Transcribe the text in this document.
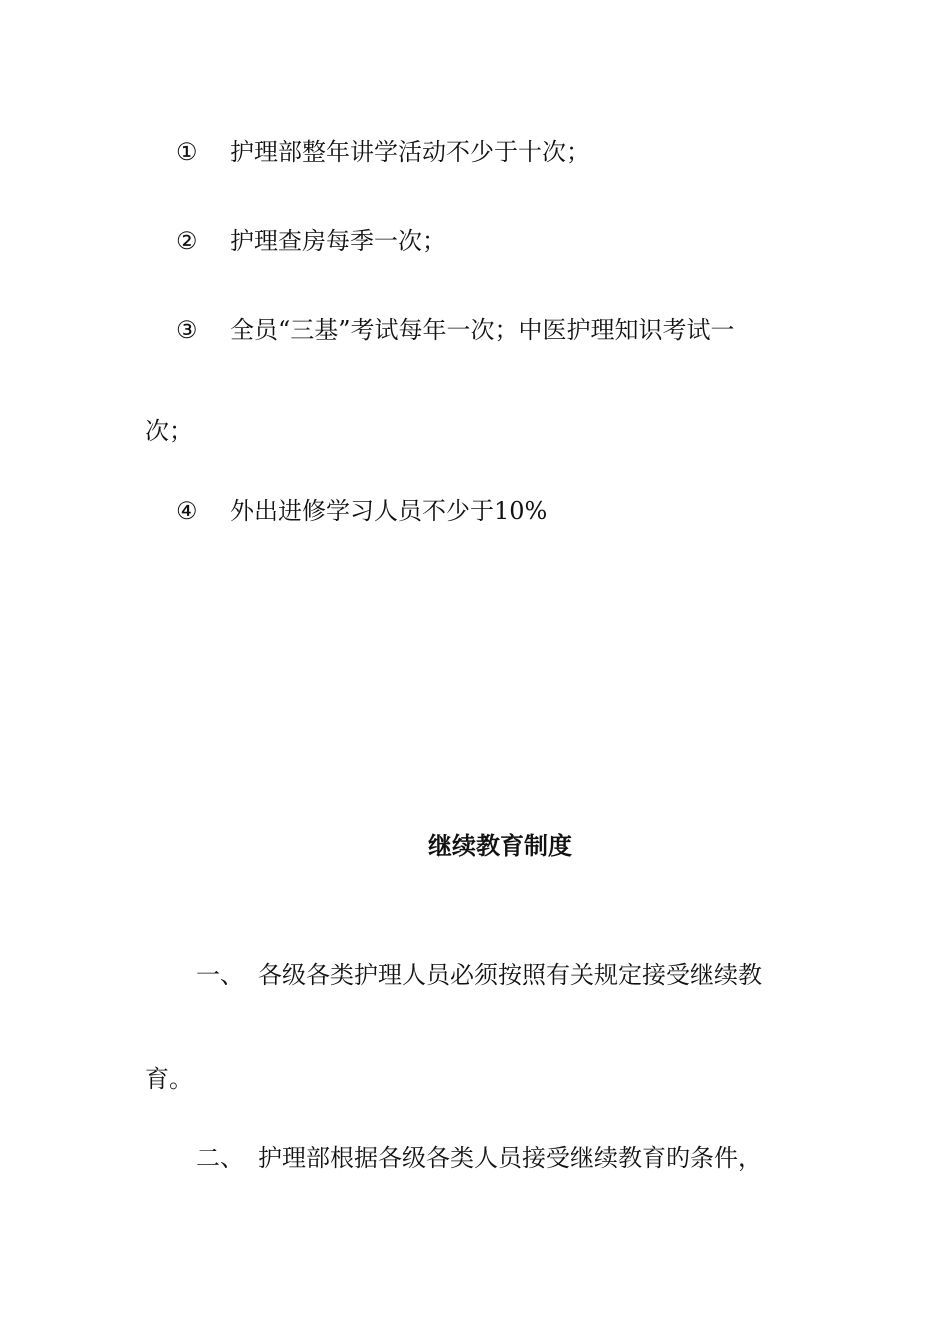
① 护理部整年讲学活动不少于十次；
② 护理查房每季一次；
③ 全员“三基”考试每年一次；中医护理知识考试一
次；
④ 外出进修学习人员不少于10%
继续教育制度
一、 各级各类护理人员必须按照有关规定接受继续教
育。
二、 护理部根据各级各类人员接受继续教育旳条件，
